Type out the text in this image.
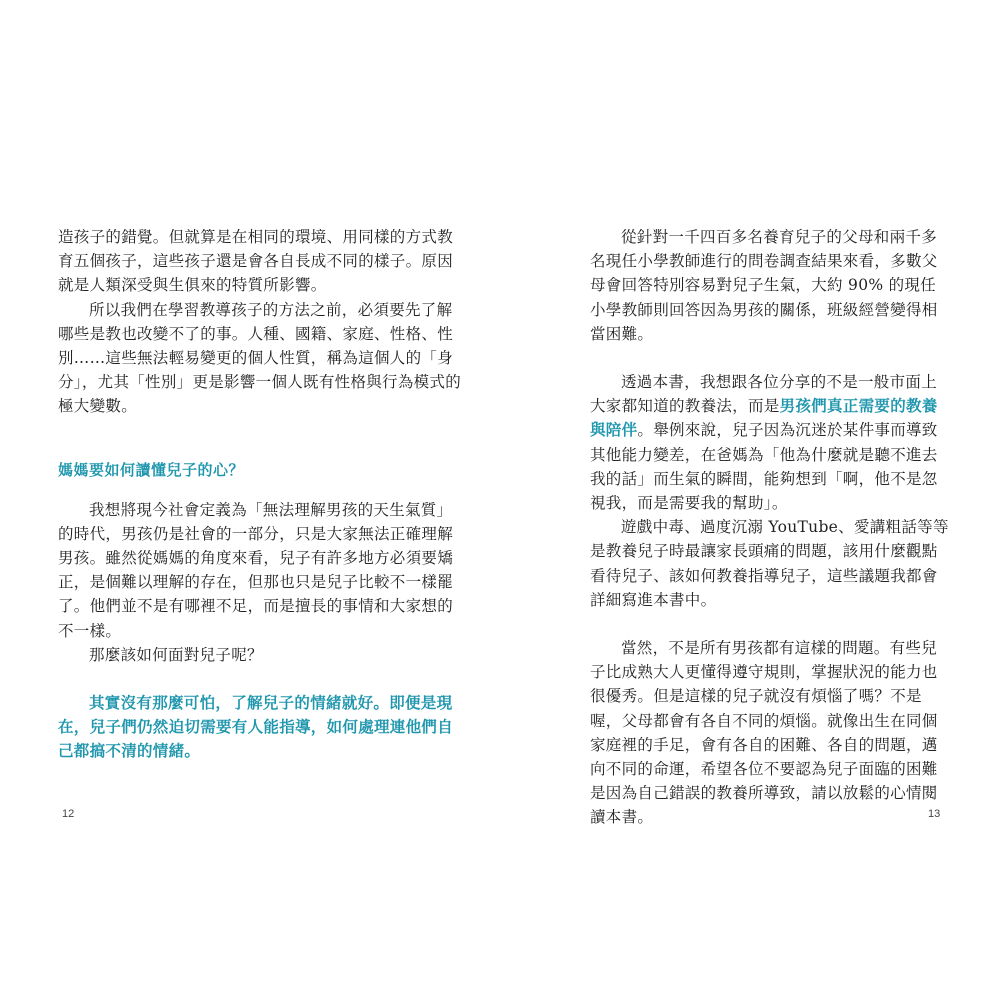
造孩子的錯覺。但就算是在相同的環境、用同樣的方式教育五個孩子，這些孩子還是會各自長成不同的樣子。原因就是人類深受與生俱來的特質所影響。

所以我們在學習教導孩子的方法之前，必須要先了解哪些是教也改變不了的事。人種、國籍、家庭、性格、性別……這些無法輕易變更的個人性質，稱為這個人的「身分」，尤其「性別」更是影響一個人既有性格與行為模式的極大變數。

媽媽要如何讀懂兒子的心？

我想將現今社會定義為「無法理解男孩的天生氣質」的時代，男孩仍是社會的一部分，只是大家無法正確理解男孩。雖然從媽媽的角度來看，兒子有許多地方必須要矯正，是個難以理解的存在，但那也只是兒子比較不一樣罷了。他們並不是有哪裡不足，而是擅長的事情和大家想的不一樣。

那麼該如何面對兒子呢？

其實沒有那麼可怕，了解兒子的情緒就好。即便是現在，兒子們仍然迫切需要有人能指導，如何處理連他們自己都搞不清的情緒。

從針對一千四百多名養育兒子的父母和兩千多名現任小學教師進行的問卷調查結果來看，多數父母會回答特別容易對兒子生氣，大約 90% 的現任小學教師則回答因為男孩的關係，班級經營變得相當困難。

透過本書，我想跟各位分享的不是一般市面上大家都知道的教養法，而是男孩們真正需要的教養與陪伴。舉例來說，兒子因為沉迷於某件事而導致其他能力變差，在爸媽為「他為什麼就是聽不進去我的話」而生氣的瞬間，能夠想到「啊，他不是忽視我，而是需要我的幫助」。

遊戲中毒、過度沉溺 YouTube、愛講粗話等等是教養兒子時最讓家長頭痛的問題，該用什麼觀點看待兒子、該如何教養指導兒子，這些議題我都會詳細寫進本書中。

當然，不是所有男孩都有這樣的問題。有些兒子比成熟大人更懂得遵守規則，掌握狀況的能力也很優秀。但是這樣的兒子就沒有煩惱了嗎？不是喔，父母都會有各自不同的煩惱。就像出生在同個家庭裡的手足，會有各自的困難、各自的問題，邁向不同的命運，希望各位不要認為兒子面臨的困難是因為自己錯誤的教養所導致，請以放鬆的心情閱讀本書。

12	13
